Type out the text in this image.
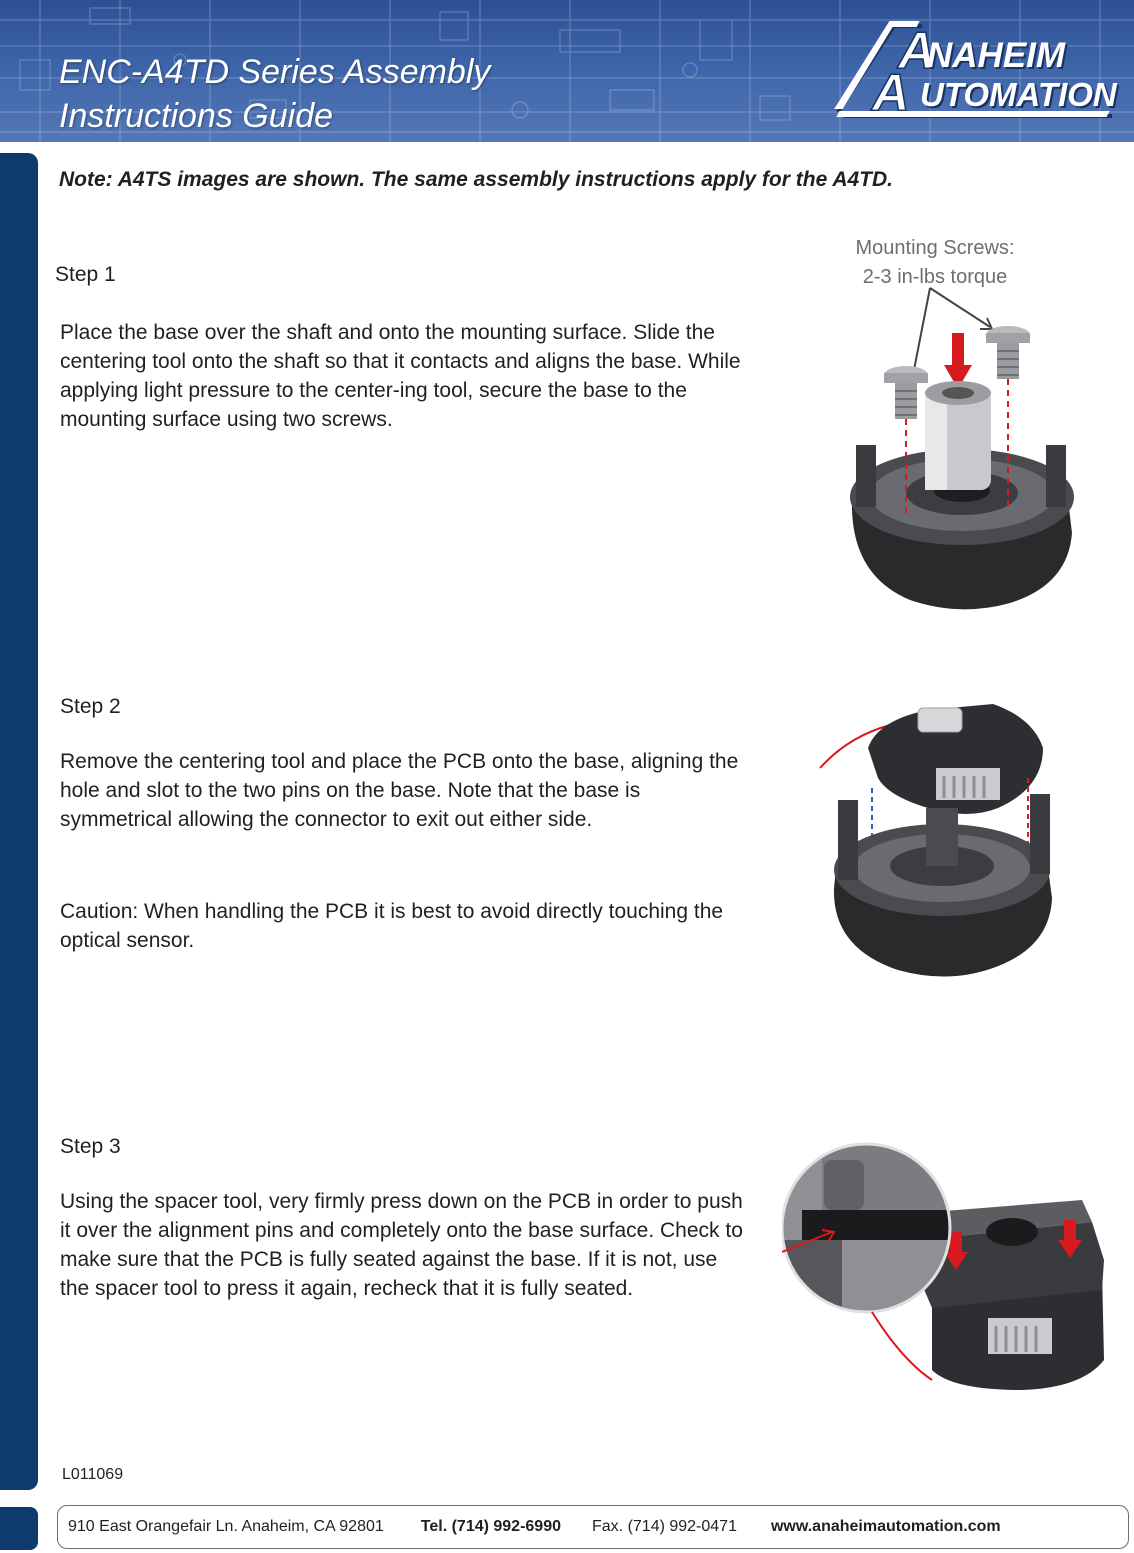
ENC-A4TD Series Assembly
Instructions Guide
A
A
NAHEIM
UTOMATION
Note: A4TS images are shown. The same assembly instructions apply for the A4TD.
Step 1

Place the base over the shaft and onto the mounting surface. Slide the centering tool onto the shaft so that it contacts and aligns the base. While applying light pressure to the center-ing tool, secure the base to the mounting surface using two screws.

Mounting Screws:
2-3 in-lbs torque
Step 2

Remove the centering tool and place the PCB onto the base, aligning the hole and slot to the two pins on the base. Note that the base is symmetrical allowing the connector to exit out either side.

Caution: When handling the PCB it is best to avoid directly touching the optical sensor.

Step 3

Using the spacer tool, very firmly press down on the PCB in order to push it over the alignment pins and completely onto the base surface. Check to make sure that the PCB is fully seated against the base. If it is not, use the spacer tool to press it again, recheck that it is fully seated.

L011069
910 East Orangefair Ln. Anaheim, CA 92801 Tel. (714) 992-6990 Fax. (714) 992-0471 www.anaheimautomation.com
